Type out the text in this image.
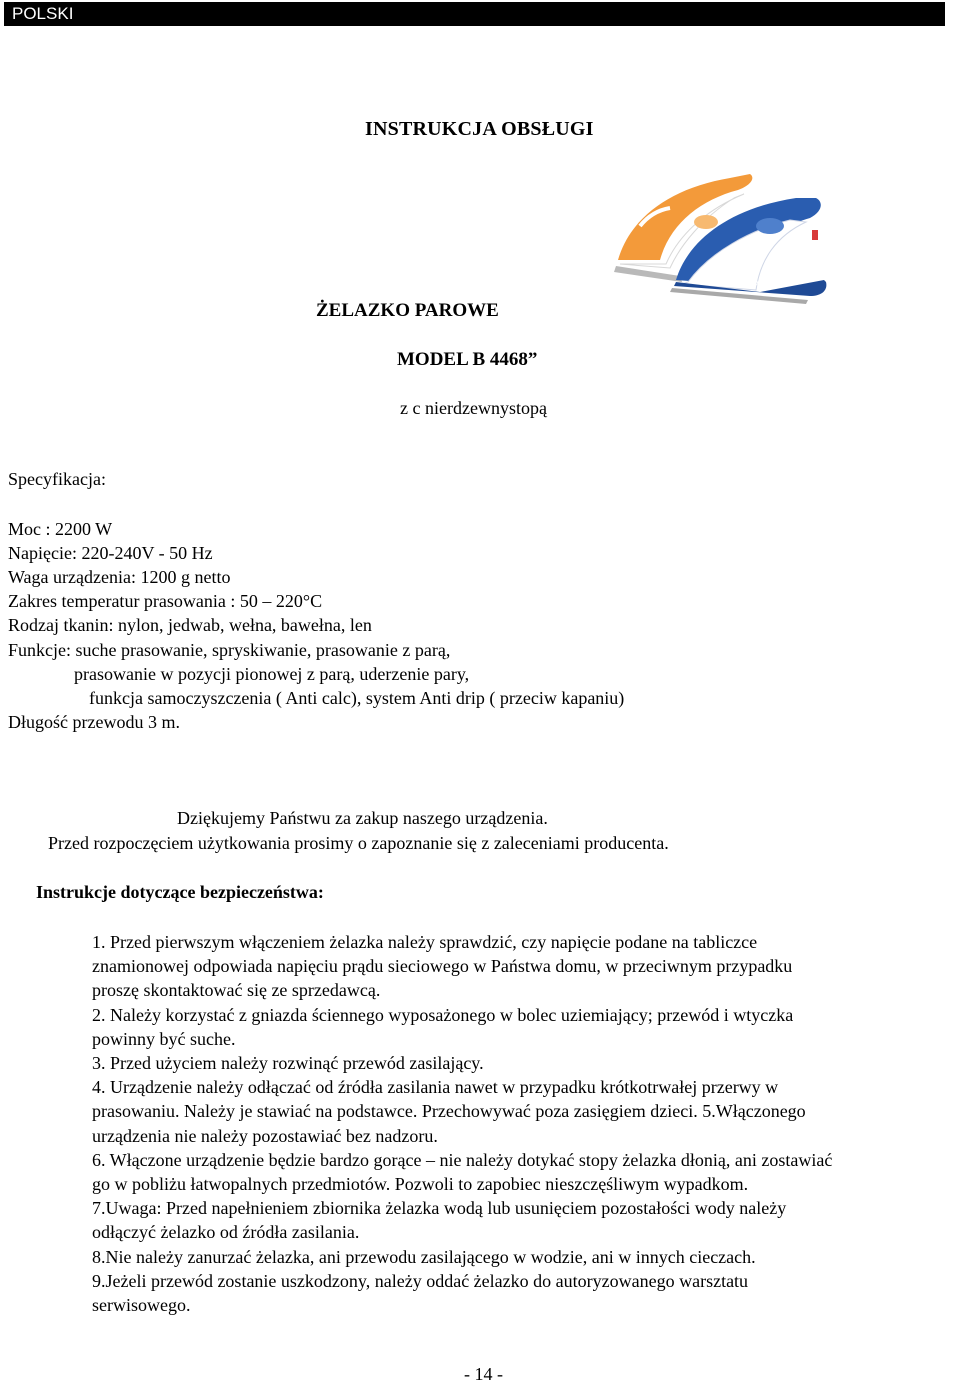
POLSKI
INSTRUKCJA OBSŁUGI
Luxury
ŻELAZKO PAROWE
MODEL B 4468”
z c nierdzewnystopą
Specyfikacja:
Moc : 2200 W
Napięcie: 220-240V - 50 Hz
Waga urządzenia: 1200 g netto
Zakres temperatur prasowania : 50 – 220°C
Rodzaj tkanin: nylon, jedwab, wełna, bawełna, len
Funkcje: suche prasowanie, spryskiwanie, prasowanie z parą,
prasowanie w pozycji pionowej z parą, uderzenie pary,
funkcja samoczyszczenia ( Anti calc), system Anti drip ( przeciw kapaniu)
Długość przewodu 3 m.
Dziękujemy Państwu za zakup naszego urządzenia.
Przed rozpoczęciem użytkowania prosimy o zapoznanie się z zaleceniami producenta.
Instrukcje dotyczące bezpieczeństwa:

1. Przed pierwszym włączeniem żelazka należy sprawdzić, czy napięcie podane na tabliczce

znamionowej odpowiada napięciu prądu sieciowego w Państwa domu, w przeciwnym przypadku

proszę skontaktować się ze sprzedawcą.

2. Należy korzystać z gniazda ściennego wyposażonego w bolec uziemiający; przewód i wtyczka

powinny być suche.

3. Przed użyciem należy rozwinąć przewód zasilający.

4. Urządzenie należy odłączać od źródła zasilania nawet w przypadku krótkotrwałej przerwy w

prasowaniu. Należy je stawiać na podstawce. Przechowywać poza zasięgiem dzieci. 5.Włączonego

urządzenia nie należy pozostawiać bez nadzoru.

6. Włączone urządzenie będzie bardzo gorące – nie należy dotykać stopy żelazka dłonią, ani zostawiać

go w pobliżu łatwopalnych przedmiotów. Pozwoli to zapobiec nieszczęśliwym wypadkom.

7.Uwaga: Przed napełnieniem zbiornika żelazka wodą lub usunięciem pozostałości wody należy

odłączyć żelazko od źródła zasilania.

8.Nie należy zanurzać żelazka, ani przewodu zasilającego w wodzie, ani w innych cieczach.

9.Jeżeli przewód zostanie uszkodzony, należy oddać żelazko do autoryzowanego warsztatu

serwisowego.

- 14 -
